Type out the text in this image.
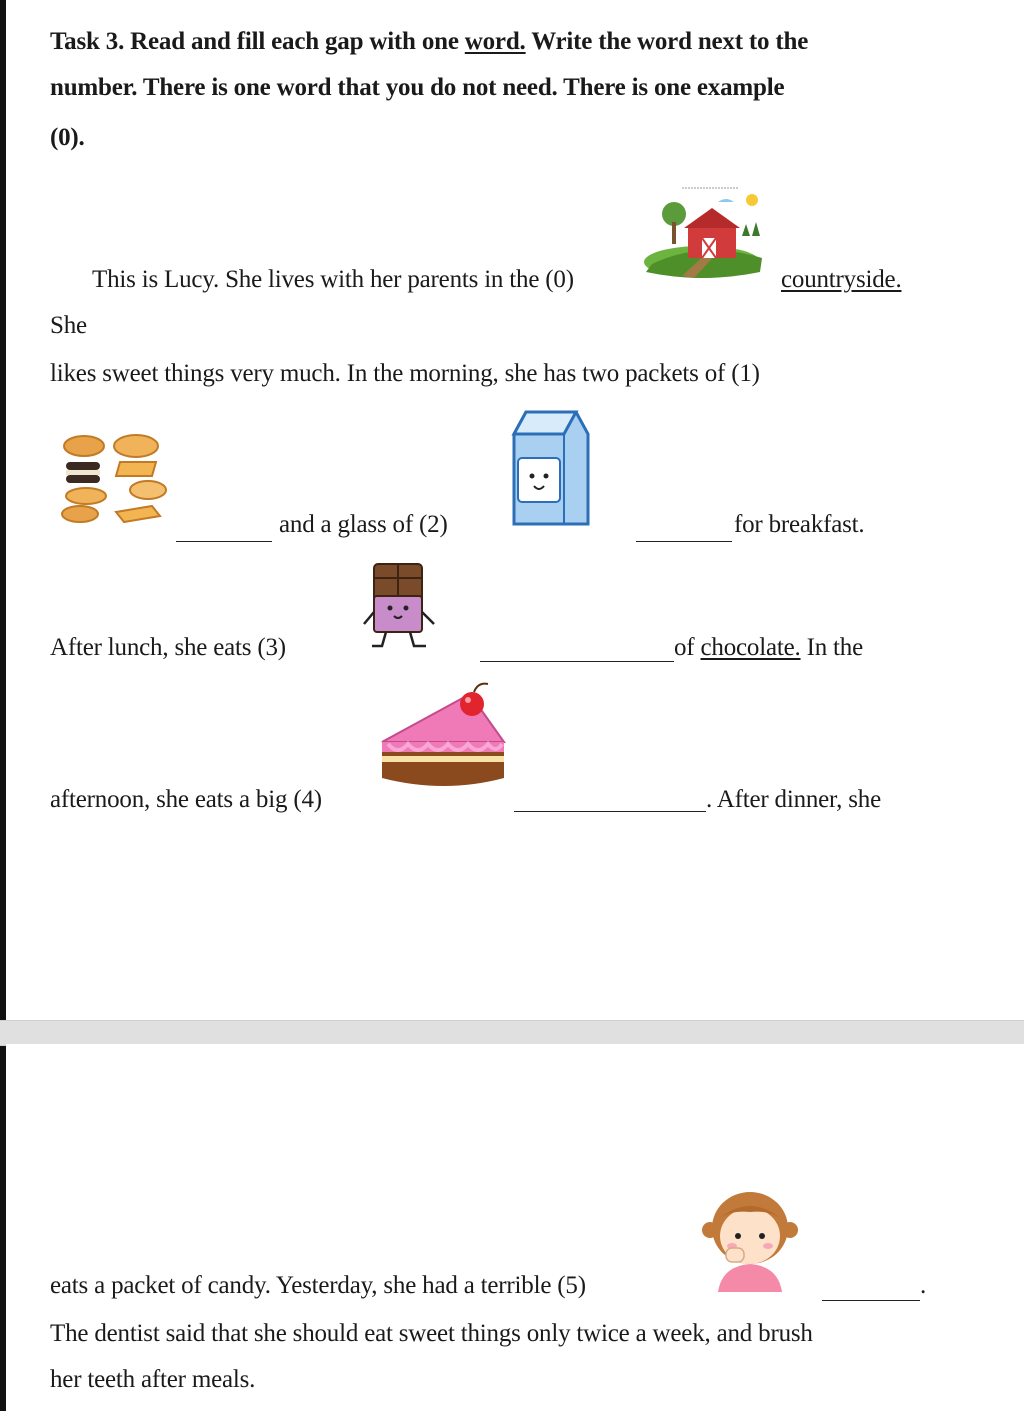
Task 3. Read and fill each gap with one word. Write the word next to the
number. There is one word that you do not need. There is one example
(0).
This is Lucy. She lives with her parents in the (0)	countryside.
She
likes sweet things very much. In the morning, she has two packets of (1)
and a glass of (2)	for breakfast.
After lunch, she eats (3)	of chocolate. In the
afternoon, she eats a big (4)	. After dinner, she
eats a packet of candy. Yesterday, she had a terrible (5)	.
The dentist said that she should eat sweet things only twice a week, and brush
her teeth after meals.
